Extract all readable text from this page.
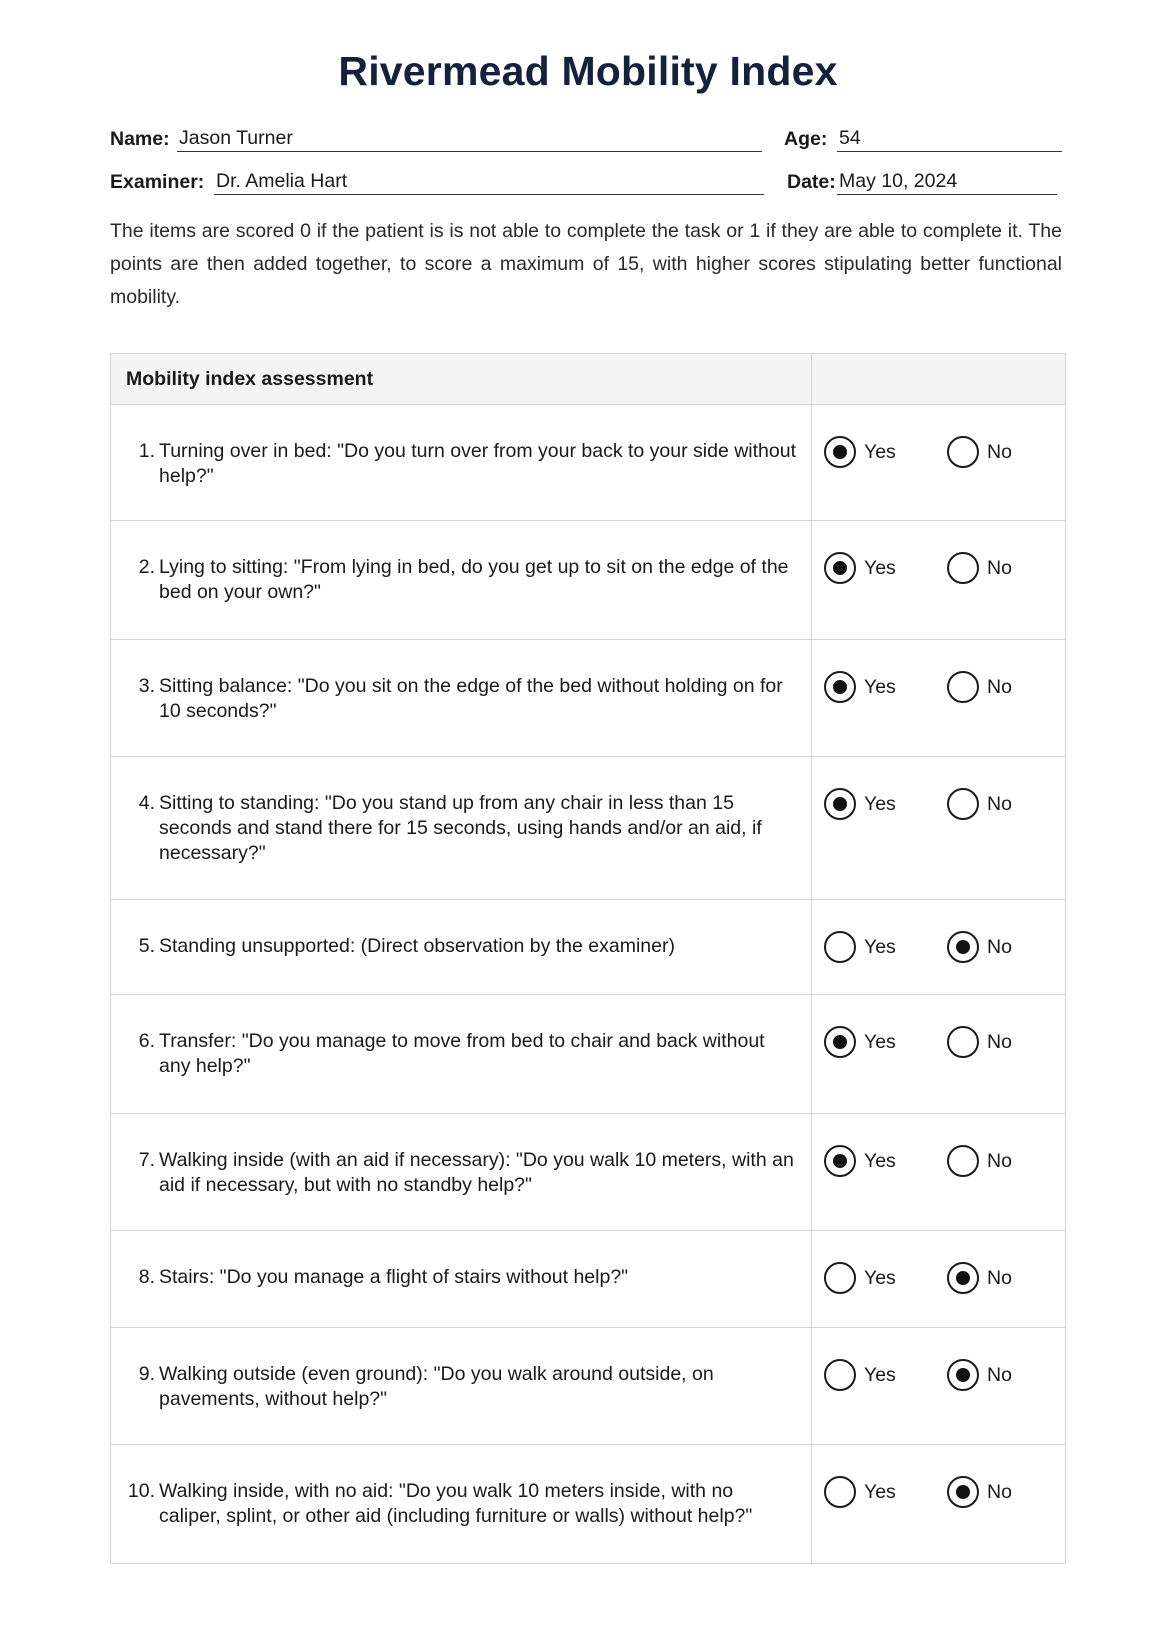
Rivermead Mobility Index
Name: Jason Turner	Age: 54
Examiner: Dr. Amelia Hart	Date: May 10, 2024

The items are scored 0 if the patient is is not able to complete the task or 1 if they are able to complete it. The points are then added together, to score a maximum of 15, with higher scores stipulating better functional mobility.

Mobility index assessment
1. Turning over in bed: "Do you turn over from your back to your side without help?"
Yes	No
2. Lying to sitting: "From lying in bed, do you get up to sit on the edge of the bed on your own?"
Yes	No
3. Sitting balance: "Do you sit on the edge of the bed without holding on for 10 seconds?"
Yes	No
4. Sitting to standing: "Do you stand up from any chair in less than 15 seconds and stand there for 15 seconds, using hands and/or an aid, if necessary?"
Yes	No
5. Standing unsupported: (Direct observation by the examiner)	Yes	No
6. Transfer: "Do you manage to move from bed to chair and back without any help?"
Yes	No
7. Walking inside (with an aid if necessary): "Do you walk 10 meters, with an aid if necessary, but with no standby help?"
Yes	No
8. Stairs: "Do you manage a flight of stairs without help?"	Yes	No
9. Walking outside (even ground): "Do you walk around outside, on pavements, without help?"
Yes	No
10. Walking inside, with no aid: "Do you walk 10 meters inside, with no caliper, splint, or other aid (including furniture or walls) without help?"
Yes	No
